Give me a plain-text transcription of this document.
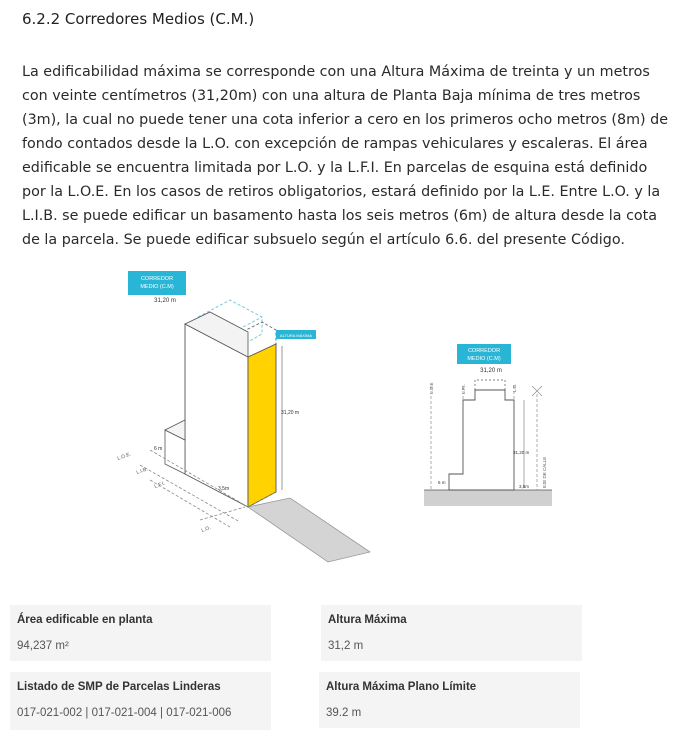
6.2.2 Corredores Medios (C.M.)

La edificabilidad máxima se corresponde con una Altura Máxima de treinta y un metros con veinte centímetros (31,20m) con una altura de Planta Baja mínima de tres metros (3m), la cual no puede tener una cota inferior a cero en los primeros ocho metros (8m) de fondo contados desde la L.O. con excepción de rampas vehiculares y escaleras. El área edificable se encuentra limitada por L.O. y la L.F.I. En parcelas de esquina está definido por la L.O.E. En los casos de retiros obligatorios, estará definido por la L.E. Entre L.O. y la L.I.B. se puede edificar un basamento hasta los seis metros (6m) de altura desde la cota de la parcela. Se puede edificar subsuelo según el artículo 6.6. del presente Código.

CORREDOR
MEDIO (C.M)
31,20 m
31,20 m
ALTURA MÁXIMA
L.O.E.
L.I.B.
L.F.I.
L.O.
6 m
3,5m
CORREDOR
MEDIO (C.M)
31,20 m
L.O.E	L.F.I.	L.O.
31,20 m
EJE DE CALLE
6 m
3,5m
Área edificable en planta
94,237 m²
Altura Máxima
31,2 m
Listado de SMP de Parcelas Linderas
017-021-002 | 017-021-004 | 017-021-006
Altura Máxima Plano Límite
39.2 m
